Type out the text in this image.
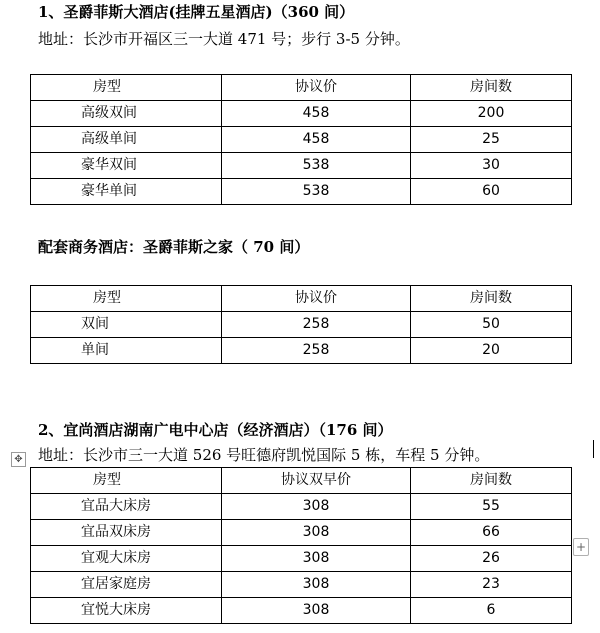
1、圣爵菲斯大酒店(挂牌五星酒店)（360 间）
地址：长沙市开福区三一大道 471 号；步行 3-5 分钟。
房型	协议价	房间数
高级双间	458	200
高级单间	458	25
豪华双间	538	30
豪华单间	538	60
配套商务酒店：圣爵菲斯之家（ 70 间）
房型	协议价	房间数
双间	258	50
单间	258	20
2、宜尚酒店湖南广电中心店（经济酒店）（176 间）
✥ 地址：长沙市三一大道 526 号旺德府凯悦国际 5 栋，车程 5 分钟。
房型	协议双早价	房间数
宜品大床房	308	55
宜品双床房	308	66
宜观大床房	308	26
宜居家庭房	308	23
宜悦大床房	308	6
+
